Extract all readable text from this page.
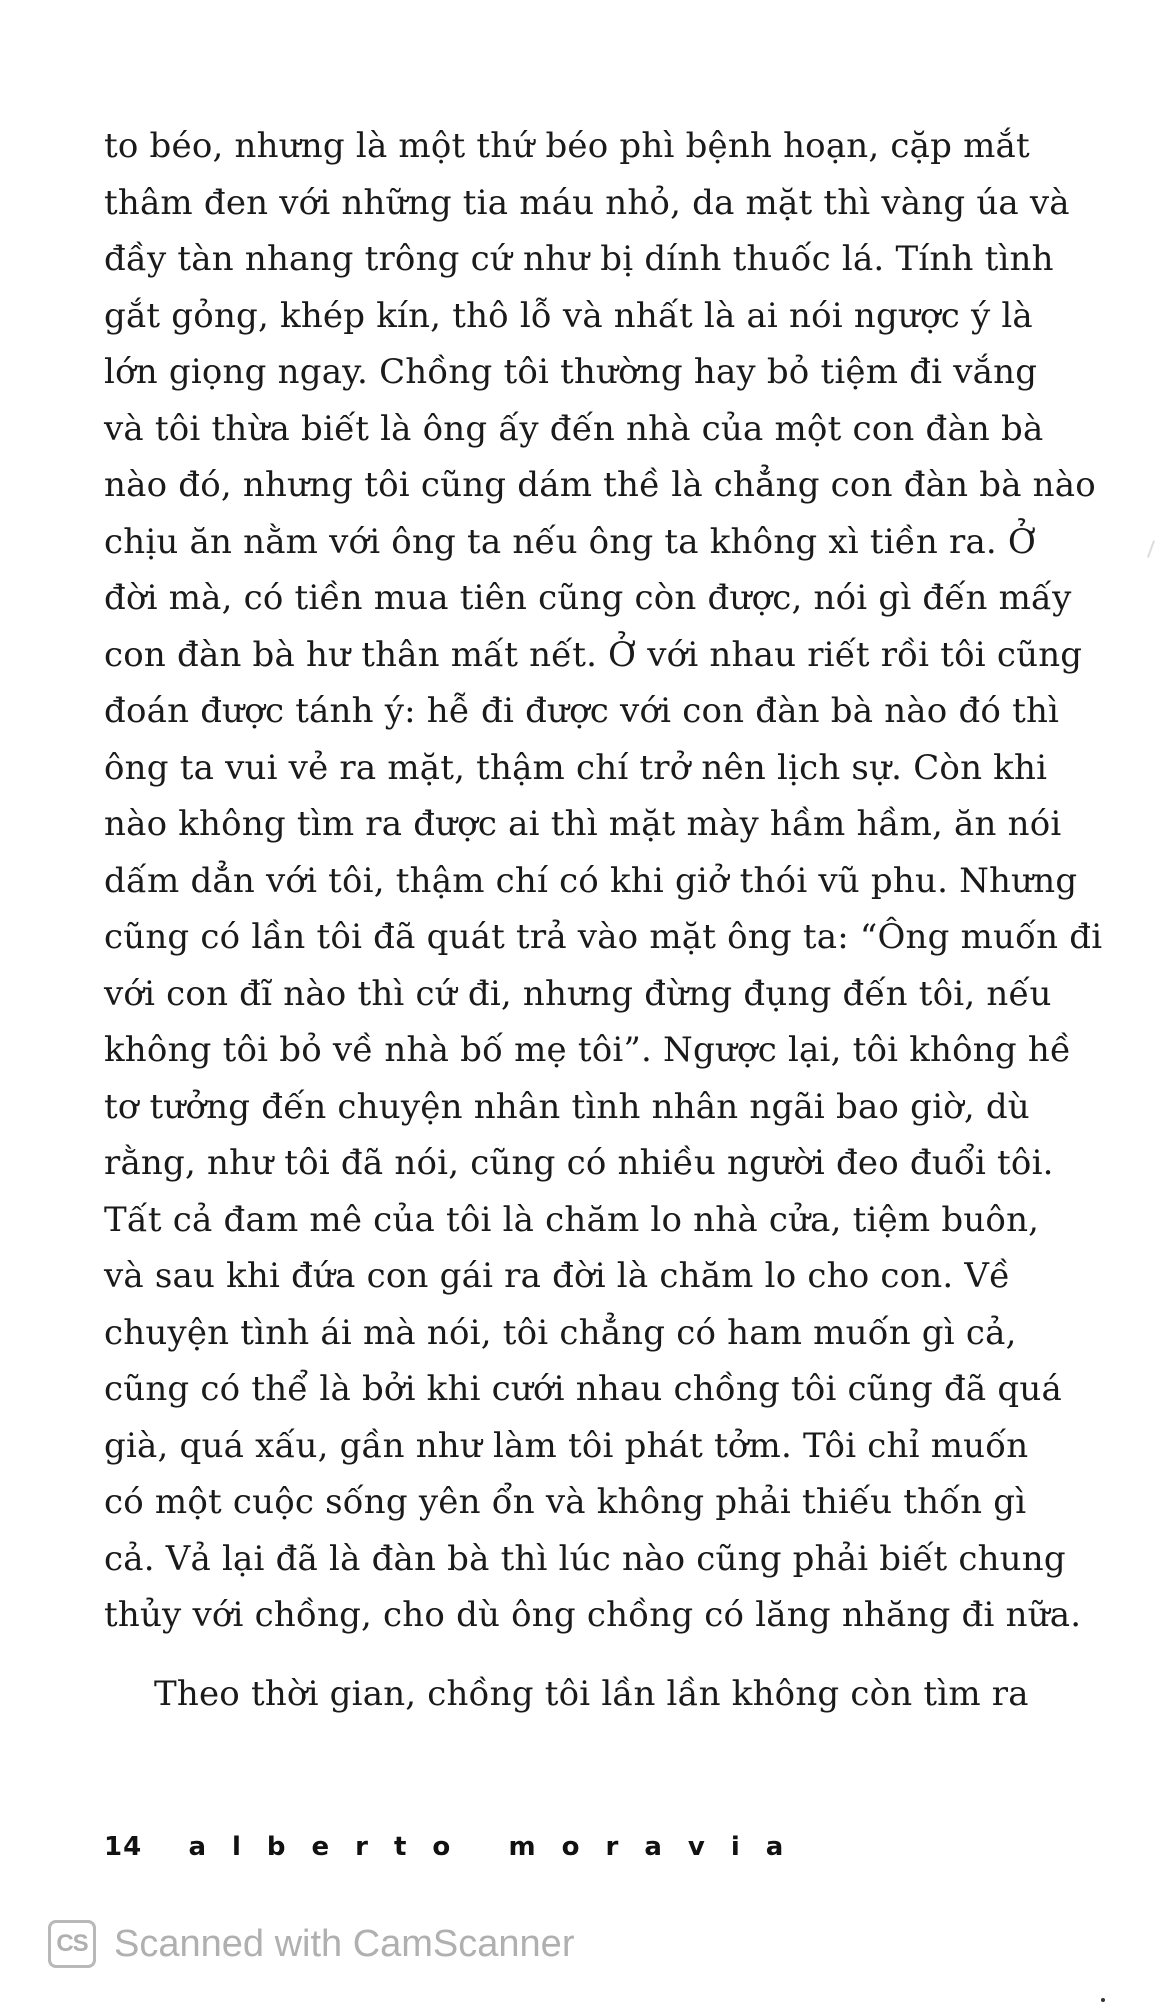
to béo, nhưng là một thứ béo phì bệnh hoạn, cặp mắt
thâm đen với những tia máu nhỏ, da mặt thì vàng úa và
đầy tàn nhang trông cứ như bị dính thuốc lá. Tính tình
gắt gỏng, khép kín, thô lỗ và nhất là ai nói ngược ý là
lớn giọng ngay. Chồng tôi thường hay bỏ tiệm đi vắng
và tôi thừa biết là ông ấy đến nhà của một con đàn bà
nào đó, nhưng tôi cũng dám thề là chẳng con đàn bà nào
chịu ăn nằm với ông ta nếu ông ta không xì tiền ra. Ở
đời mà, có tiền mua tiên cũng còn được, nói gì đến mấy
con đàn bà hư thân mất nết. Ở với nhau riết rồi tôi cũng
đoán được tánh ý: hễ đi được với con đàn bà nào đó thì
ông ta vui vẻ ra mặt, thậm chí trở nên lịch sự. Còn khi
nào không tìm ra được ai thì mặt mày hầm hầm, ăn nói
dấm dẳn với tôi, thậm chí có khi giở thói vũ phu. Nhưng
cũng có lần tôi đã quát trả vào mặt ông ta: “Ông muốn đi
với con đĩ nào thì cứ đi, nhưng đừng đụng đến tôi, nếu
không tôi bỏ về nhà bố mẹ tôi”. Ngược lại, tôi không hề
tơ tưởng đến chuyện nhân tình nhân ngãi bao giờ, dù
rằng, như tôi đã nói, cũng có nhiều người đeo đuổi tôi.
Tất cả đam mê của tôi là chăm lo nhà cửa, tiệm buôn,
và sau khi đứa con gái ra đời là chăm lo cho con. Về
chuyện tình ái mà nói, tôi chẳng có ham muốn gì cả,
cũng có thể là bởi khi cưới nhau chồng tôi cũng đã quá
già, quá xấu, gần như làm tôi phát tởm. Tôi chỉ muốn
có một cuộc sống yên ổn và không phải thiếu thốn gì
cả. Vả lại đã là đàn bà thì lúc nào cũng phải biết chung
thủy với chồng, cho dù ông chồng có lăng nhăng đi nữa.
Theo thời gian, chồng tôi lần lần không còn tìm ra
14 alberto moravia
CS Scanned with CamScanner
